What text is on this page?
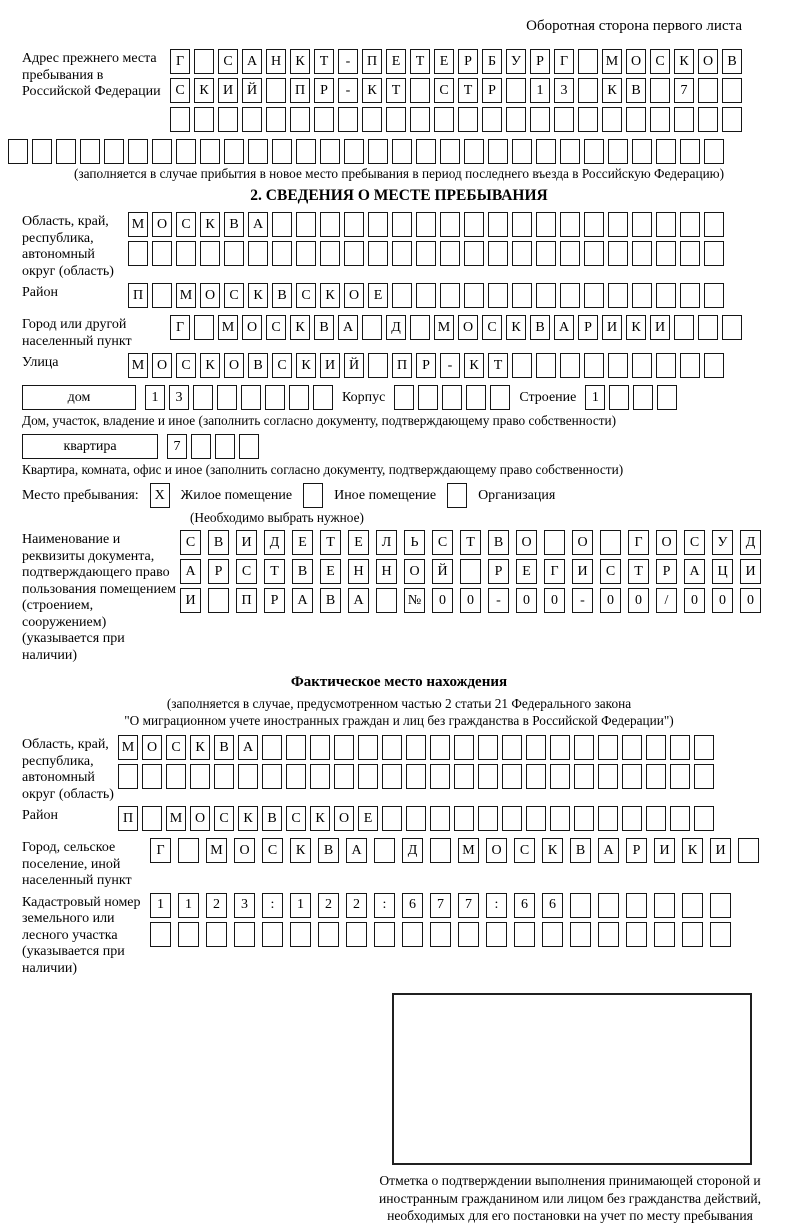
Оборотная сторона первого листа
Адрес прежнего места пребывания в Российской Федерации
Г	С	А Н	К	Т	-	П	Е	Т	Е	Р	Б	У	Р	Г	М О	С	К	О	В
С	К	И Й	П	Р	-	К	Т	С	Т	Р	1	3	К	В	7
(заполняется в случае прибытия в новое место пребывания в период последнего въезда в Российскую Федерацию)
2. СВЕДЕНИЯ О МЕСТЕ ПРЕБЫВАНИЯ
Область, край, республика, автономный округ (область)
М О	С	К	В	А
Район	П	М О	С	К	В	С	К	О	Е
Город или другой населенный пункт
Г	М О	С	К	В	А	Д	М О	С	К	В	А	Р	И	К	И
Улица	М О	С	К	О	В	С	К	И Й	П	Р	-	К	Т
дом	1	3	Корпус	Строение	1
Дом, участок, владение и иное (заполнить согласно документу, подтверждающему право собственности)
квартира	7
Квартира, комната, офис и иное (заполнить согласно документу, подтверждающему право собственности)
Место пребывания:	X	Жилое помещение	Иное помещение	Организация
(Необходимо выбрать нужное)
Наименование и реквизиты документа, подтверждающего право пользования помещением (строением, сооружением) (указывается при наличии)
С	В	И	Д	Е	Т	Е	Л	Ь	С	Т	В	О	О	Г	О	С	У	Д
А	Р	С	Т	В	Е	Н	Н	О	Й	Р	Е	Г	И	С	Т	Р	А	Ц	И
И	П	Р	А	В	А	№	0	0	-	0	0	-	0	0	/	0	0	0
Фактическое место нахождения
(заполняется в случае, предусмотренном частью 2 статьи 21 Федерального закона
"О миграционном учете иностранных граждан и лиц без гражданства в Российской Федерации")
Область, край, республика, автономный округ (область)
М О	С	К	В	А
Район	П	М О	С	К	В	С	К	О	Е
Город, сельское поселение, иной населенный пункт
Г	М	О	С	К	В	А	Д	М	О	С	К	В	А	Р	И	К	И
Кадастровый номер земельного или лесного участка (указывается при наличии)
1	1	2	3	:	1	2	2	:	6	7	7	:	6	6
Отметка о подтверждении выполнения принимающей стороной и иностранным гражданином или лицом без гражданства действий, необходимых для его постановки на учет по месту пребывания
